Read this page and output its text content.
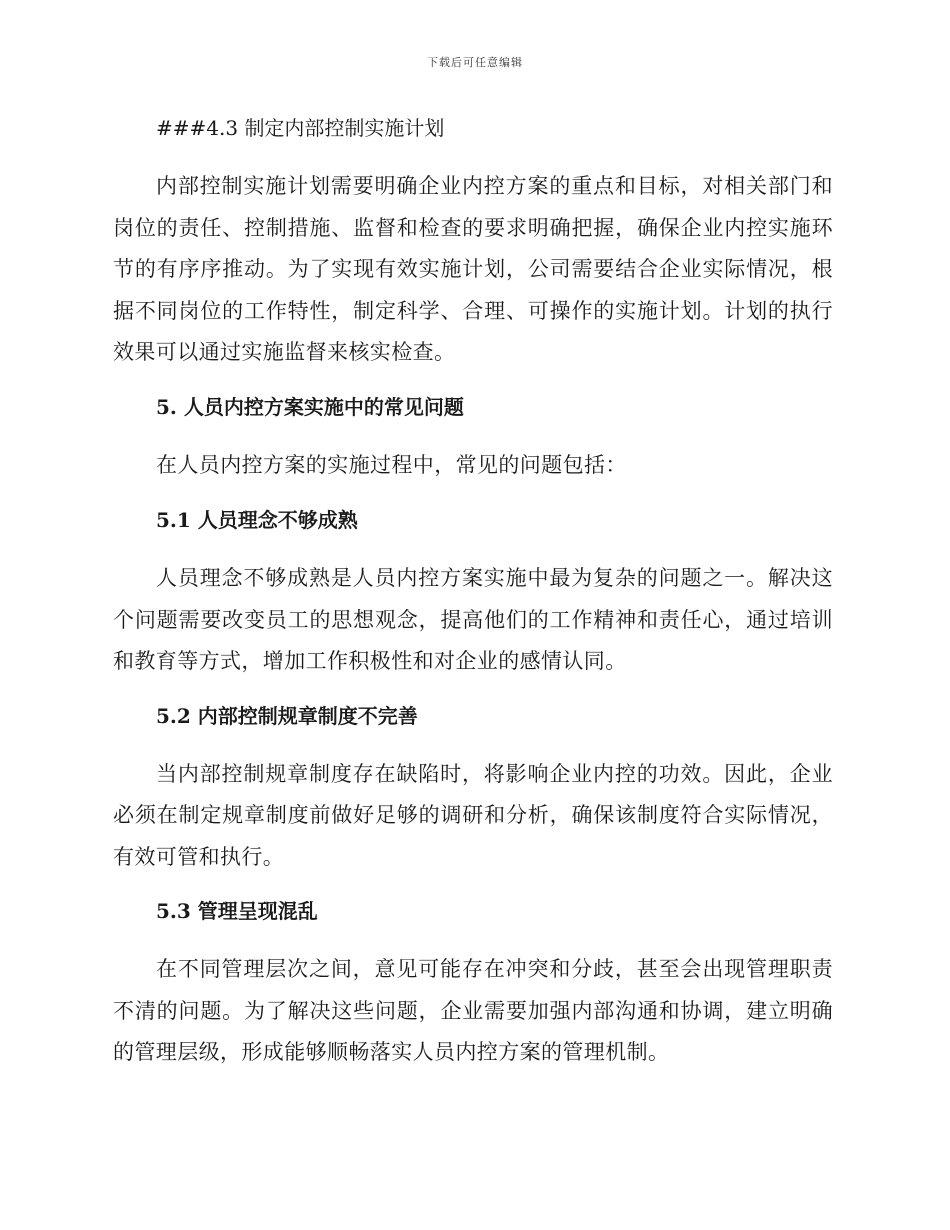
下载后可任意编辑
###4.3 制定内部控制实施计划

内部控制实施计划需要明确企业内控方案的重点和目标，对相关部门和岗位的责任、控制措施、监督和检查的要求明确把握，确保企业内控实施环节的有序序推动。为了实现有效实施计划，公司需要结合企业实际情况，根据不同岗位的工作特性，制定科学、合理、可操作的实施计划。计划的执行效果可以通过实施监督来核实检查。

5. 人员内控方案实施中的常见问题

在人员内控方案的实施过程中，常见的问题包括：

5.1 人员理念不够成熟

人员理念不够成熟是人员内控方案实施中最为复杂的问题之一。解决这个问题需要改变员工的思想观念，提高他们的工作精神和责任心，通过培训和教育等方式，增加工作积极性和对企业的感情认同。

5.2 内部控制规章制度不完善

当内部控制规章制度存在缺陷时，将影响企业内控的功效。因此，企业必须在制定规章制度前做好足够的调研和分析，确保该制度符合实际情况，有效可管和执行。

5.3 管理呈现混乱

在不同管理层次之间，意见可能存在冲突和分歧，甚至会出现管理职责不清的问题。为了解决这些问题，企业需要加强内部沟通和协调，建立明确的管理层级，形成能够顺畅落实人员内控方案的管理机制。
